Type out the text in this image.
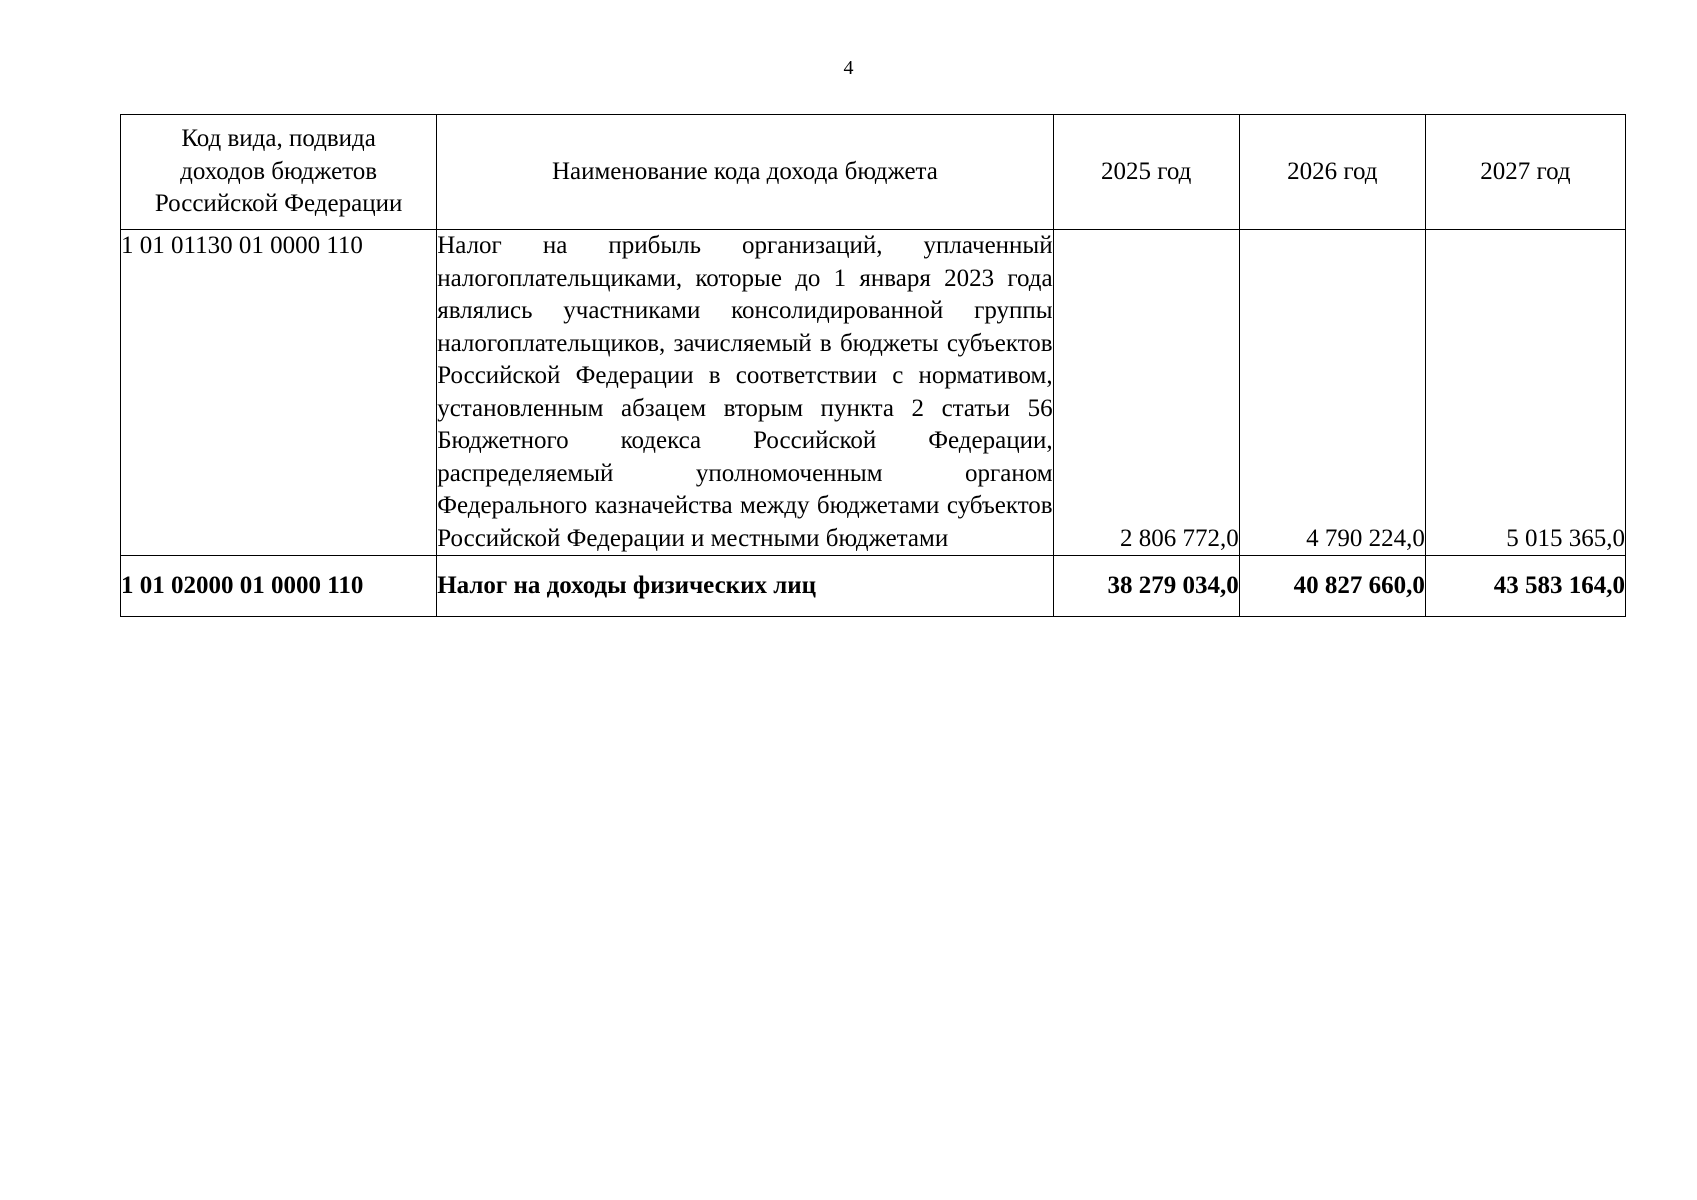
4
Код вида, подвида
доходов бюджетов
Российской Федерации	Наименование кода дохода бюджета	2025 год	2026 год	2027 год
1 01 01130 01 0000 110	Налог на прибыль организаций, уплаченный налогоплательщиками, которые до 1 января 2023 года являлись участниками консолидированной группы налогоплательщиков, зачисляемый в бюджеты субъектов Российской Федерации в соответствии с нормативом, установленным абзацем вторым пункта 2 статьи 56 Бюджетного кодекса Российской Федерации, распределяемый уполномоченным органом Федерального казначейства между бюджетами субъектов Российской Федерации и местными бюджетами	2 806 772,0	4 790 224,0	5 015 365,0
1 01 02000 01 0000 110	Налог на доходы физических лиц	38 279 034,0	40 827 660,0	43 583 164,0
